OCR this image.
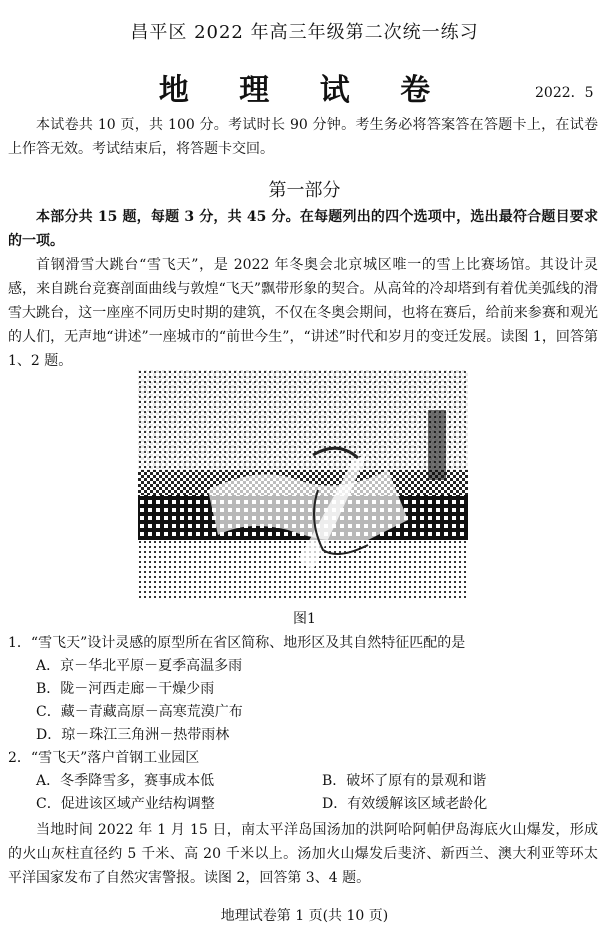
昌平区 2022 年高三年级第二次统一练习
地 理 试 卷	2022．5
本试卷共 10 页，共 100 分。考试时长 90 分钟。考生务必将答案答在答题卡上，在试卷上作答无效。考试结束后，将答题卡交回。
第一部分
本部分共 15 题，每题 3 分，共 45 分。在每题列出的四个选项中，选出最符合题目要求的一项。
首钢滑雪大跳台“雪飞天”，是 2022 年冬奥会北京城区唯一的雪上比赛场馆。其设计灵感，来自跳台竞赛剖面曲线与敦煌“飞天”飘带形象的契合。从高耸的冷却塔到有着优美弧线的滑雪大跳台，这一座座不同历史时期的建筑，不仅在冬奥会期间，也将在赛后，给前来参赛和观光的人们，无声地“讲述”一座城市的“前世今生”，“讲述”时代和岁月的变迁发展。读图 1，回答第 1、2 题。
图1
1．“雪飞天”设计灵感的原型所在省区简称、地形区及其自然特征匹配的是
A．京－华北平原－夏季高温多雨
B．陇－河西走廊－干燥少雨
C．藏－青藏高原－高寒荒漠广布
D．琼－珠江三角洲－热带雨林
2．“雪飞天”落户首钢工业园区
A．冬季降雪多，赛事成本低	B．破坏了原有的景观和谐
C．促进该区域产业结构调整	D．有效缓解该区域老龄化
当地时间 2022 年 1 月 15 日，南太平洋岛国汤加的洪阿哈阿帕伊岛海底火山爆发，形成的火山灰柱直径约 5 千米、高 20 千米以上。汤加火山爆发后斐济、新西兰、澳大利亚等环太平洋国家发布了自然灾害警报。读图 2，回答第 3、4 题。
地理试卷第 1 页(共 10 页)
